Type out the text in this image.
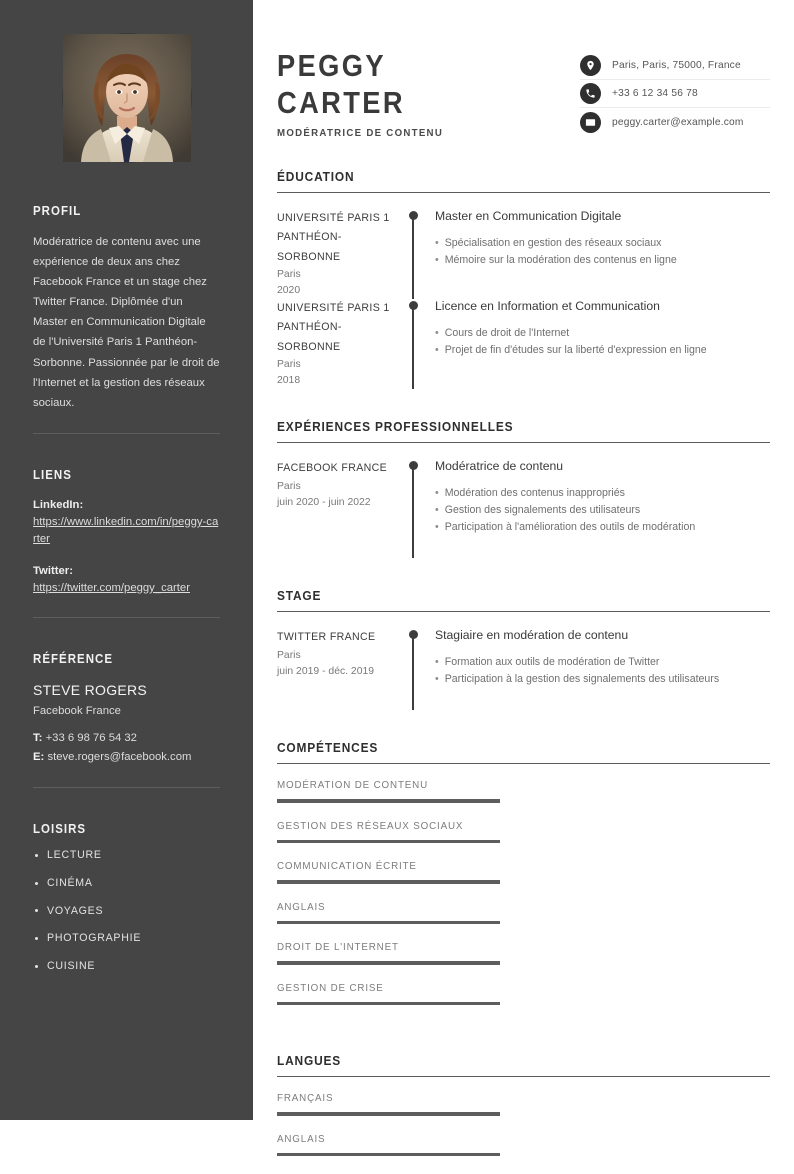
PROFIL
Modératrice de contenu avec une expérience de deux ans chez Facebook France et un stage chez Twitter France. Diplômée d'un Master en Communication Digitale de l'Université Paris 1 Panthéon-Sorbonne. Passionnée par le droit de l'Internet et la gestion des réseaux sociaux.
LIENS
LinkedIn:
https://www.linkedin.com/in/peggy-carter
Twitter:
https://twitter.com/peggy_carter
RÉFÉRENCE
STEVE ROGERS
Facebook France
T: +33 6 98 76 54 32
E: steve.rogers@facebook.com
LOISIRS
LECTURE
CINÉMA
VOYAGES
PHOTOGRAPHIE
CUISINE
PEGGY
CARTER
MODÉRATRICE DE CONTENU
Paris, Paris, 75000, France
+33 6 12 34 56 78
peggy.carter@example.com
ÉDUCATION
UNIVERSITÉ PARIS 1 PANTHÉON-SORBONNE
Paris
2020
Master en Communication Digitale
• Spécialisation en gestion des réseaux sociaux
• Mémoire sur la modération des contenus en ligne
UNIVERSITÉ PARIS 1 PANTHÉON-SORBONNE
Paris
2018
Licence en Information et Communication
• Cours de droit de l'Internet
• Projet de fin d'études sur la liberté d'expression en ligne
EXPÉRIENCES PROFESSIONNELLES
FACEBOOK FRANCE
Paris
juin 2020 - juin 2022
Modératrice de contenu
• Modération des contenus inappropriés
• Gestion des signalements des utilisateurs
• Participation à l'amélioration des outils de modération
STAGE
TWITTER FRANCE
Paris
juin 2019 - déc. 2019
Stagiaire en modération de contenu
• Formation aux outils de modération de Twitter
• Participation à la gestion des signalements des utilisateurs
COMPÉTENCES
MODÉRATION DE CONTENU
GESTION DES RÉSEAUX SOCIAUX
COMMUNICATION ÉCRITE
ANGLAIS
DROIT DE L'INTERNET
GESTION DE CRISE
LANGUES
FRANÇAIS
ANGLAIS
